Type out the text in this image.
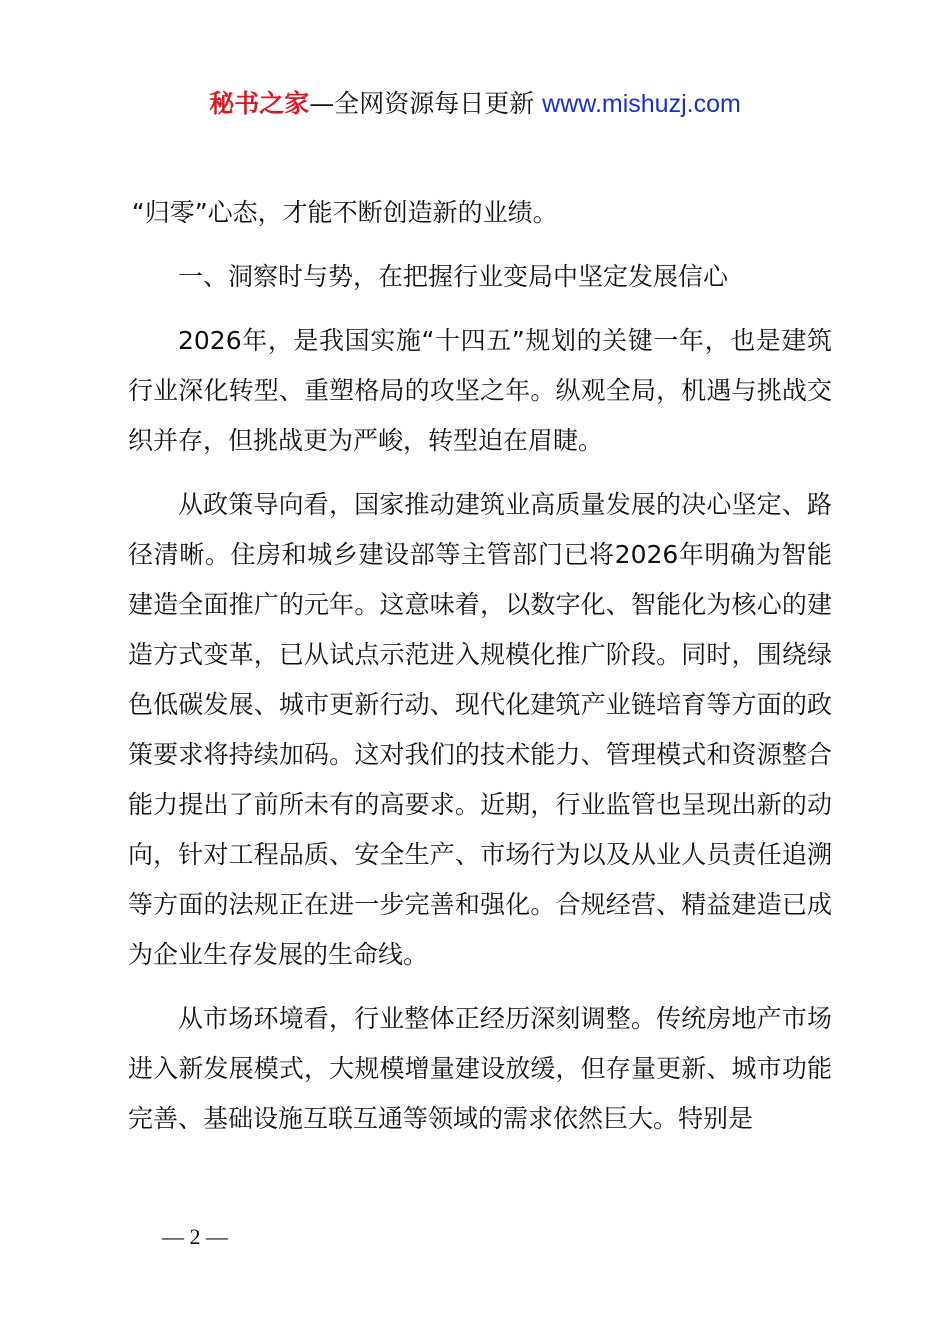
秘书之家—全网资源每日更新 www.mishuzj.com

“归零”心态，才能不断创造新的业绩。

一、洞察时与势，在把握行业变局中坚定发展信心

2026年，是我国实施“十四五”规划的关键一年，也是建筑行业深化转型、重塑格局的攻坚之年。纵观全局，机遇与挑战交织并存，但挑战更为严峻，转型迫在眉睫。

从政策导向看，国家推动建筑业高质量发展的决心坚定、路径清晰。住房和城乡建设部等主管部门已将2026年明确为智能建造全面推广的元年。这意味着，以数字化、智能化为核心的建造方式变革，已从试点示范进入规模化推广阶段。同时，围绕绿色低碳发展、城市更新行动、现代化建筑产业链培育等方面的政策要求将持续加码。这对我们的技术能力、管理模式和资源整合能力提出了前所未有的高要求。近期，行业监管也呈现出新的动向，针对工程品质、安全生产、市场行为以及从业人员责任追溯等方面的法规正在进一步完善和强化。合规经营、精益建造已成为企业生存发展的生命线。

从市场环境看，行业整体正经历深刻调整。传统房地产市场进入新发展模式，大规模增量建设放缓，但存量更新、城市功能完善、基础设施互联互通等领域的需求依然巨大。特别是

— 2 —
